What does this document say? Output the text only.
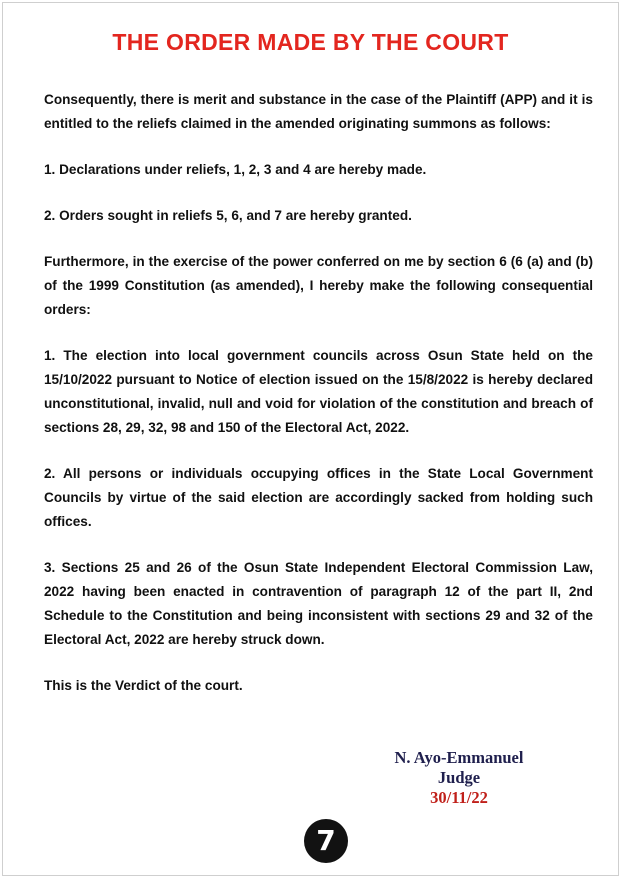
THE ORDER MADE BY THE COURT

Consequently, there is merit and substance in the case of the Plaintiff (APP) and it is entitled to the reliefs claimed in the amended originating summons as follows:

1. Declarations under reliefs, 1, 2, 3 and 4 are hereby made.

2. Orders sought in reliefs 5, 6, and 7 are hereby granted.

Furthermore, in the exercise of the power conferred on me by section 6 (6 (a) and (b) of the 1999 Constitution (as amended), I hereby make the following consequential orders:

1. The election into local government councils across Osun State held on the 15/10/2022 pursuant to Notice of election issued on the 15/8/2022 is hereby declared unconstitutional, invalid, null and void for violation of the constitution and breach of sections 28, 29, 32, 98 and 150 of the Electoral Act, 2022.

2. All persons or individuals occupying offices in the State Local Government Councils by virtue of the said election are accordingly sacked from holding such offices.

3. Sections 25 and 26 of the Osun State Independent Electoral Commission Law, 2022 having been enacted in contravention of paragraph 12 of the part II, 2nd Schedule to the Constitution and being inconsistent with sections 29 and 32 of the Electoral Act, 2022 are hereby struck down.

This is the Verdict of the court.

N. Ayo-Emmanuel
Judge
30/11/22
7
